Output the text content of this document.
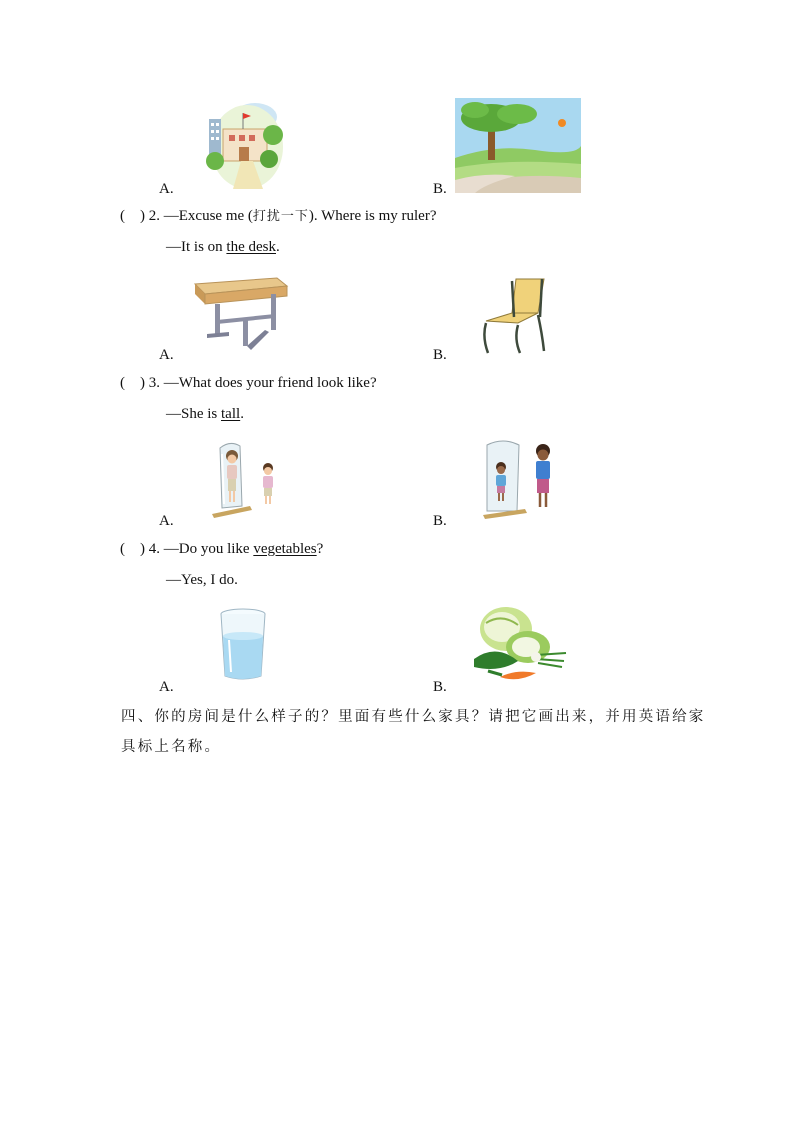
A.	B.
(    ) 2. —Excuse me (打扰一下). Where is my ruler?
—It is on the desk.
A.	B.
(    ) 3. —What does your friend look like?
—She is tall.
A.	B.
(    ) 4. —Do you like vegetables?
—Yes, I do.
A.	B.
四、你的房间是什么样子的？里面有些什么家具？请把它画出来，并用英语给家
具标上名称。
